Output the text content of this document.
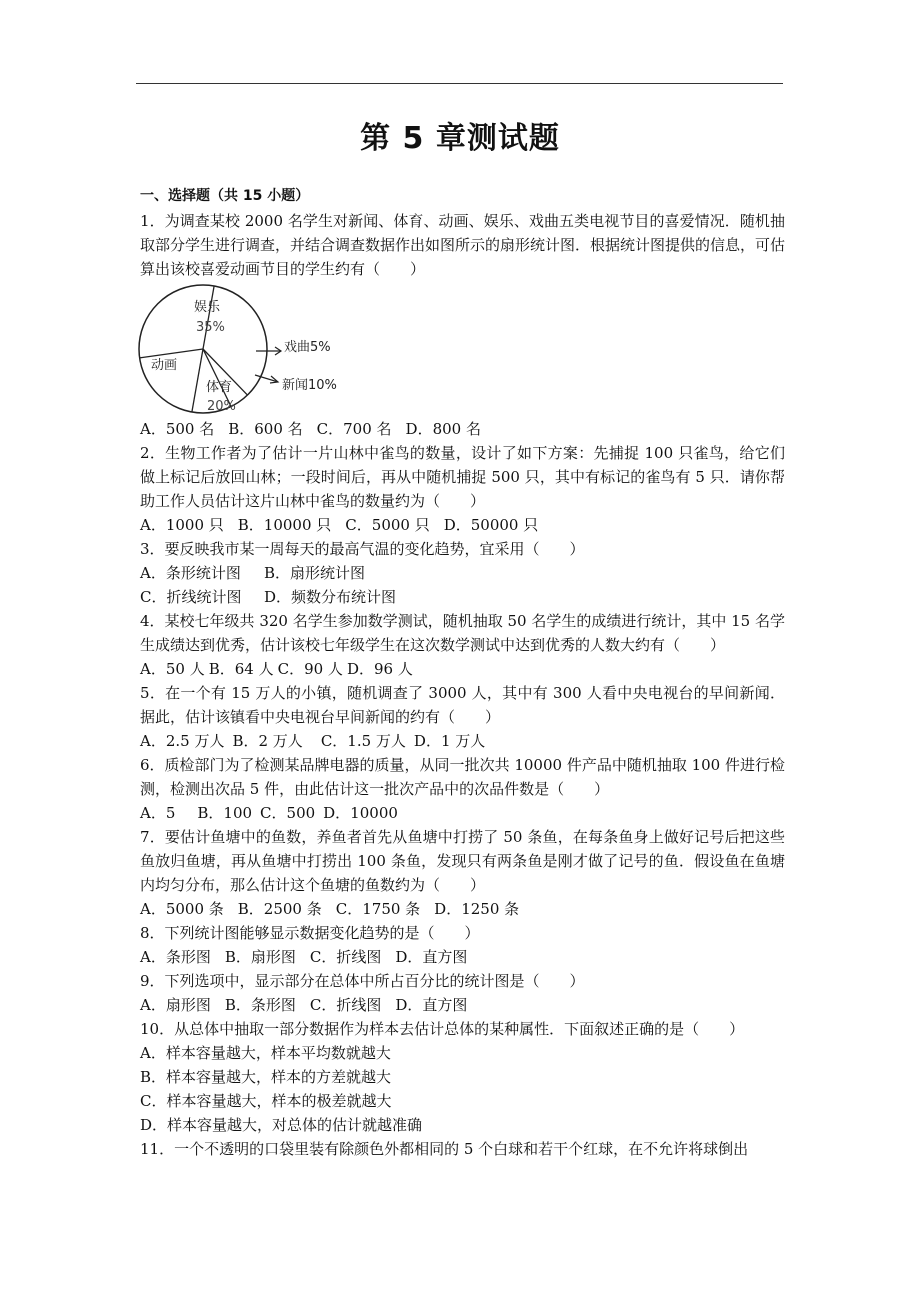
第 5 章测试题
一、选择题（共 15 小题）

1．为调查某校 2000 名学生对新闻、体育、动画、娱乐、戏曲五类电视节目的喜爱情况．随机抽取部分学生进行调查，并结合调查数据作出如图所示的扇形统计图．根据统计图提供的信息，可估算出该校喜爱动画节目的学生约有（　　）

娱乐
35%
戏曲5%
新闻10%
体育
20%
动画

A．500 名 B．600 名 C．700 名 D．800 名

2．生物工作者为了估计一片山林中雀鸟的数量，设计了如下方案：先捕捉 100 只雀鸟，给它们做上标记后放回山林；一段时间后，再从中随机捕捉 500 只，其中有标记的雀鸟有 5 只．请你帮助工作人员估计这片山林中雀鸟的数量约为（　　）

A．1000 只 B．10000 只 C．5000 只 D．50000 只

3．要反映我市某一周每天的最高气温的变化趋势，宜采用（　　）

A．条形统计图 B．扇形统计图

C．折线统计图 D．频数分布统计图

4．某校七年级共 320 名学生参加数学测试，随机抽取 50 名学生的成绩进行统计，其中 15 名学生成绩达到优秀，估计该校七年级学生在这次数学测试中达到优秀的人数大约有（　　）

A．50 人 B．64 人 C．90 人 D．96 人

5．在一个有 15 万人的小镇，随机调查了 3000 人，其中有 300 人看中央电视台的早间新闻．据此，估计该镇看中央电视台早间新闻的约有（　　）

A．2.5 万人 B．2 万人 C．1.5 万人 D．1 万人

6．质检部门为了检测某品牌电器的质量，从同一批次共 10000 件产品中随机抽取 100 件进行检测，检测出次品 5 件，由此估计这一批次产品中的次品件数是（　　）

A．5 B．100 C．500 D．10000

7．要估计鱼塘中的鱼数，养鱼者首先从鱼塘中打捞了 50 条鱼，在每条鱼身上做好记号后把这些鱼放归鱼塘，再从鱼塘中打捞出 100 条鱼，发现只有两条鱼是刚才做了记号的鱼．假设鱼在鱼塘内均匀分布，那么估计这个鱼塘的鱼数约为（　　）

A．5000 条 B．2500 条 C．1750 条 D．1250 条

8．下列统计图能够显示数据变化趋势的是（　　）

A．条形图 B．扇形图 C．折线图 D．直方图

9．下列选项中，显示部分在总体中所占百分比的统计图是（　　）

A．扇形图 B．条形图 C．折线图 D．直方图

10．从总体中抽取一部分数据作为样本去估计总体的某种属性．下面叙述正确的是（　　）

A．样本容量越大，样本平均数就越大

B．样本容量越大，样本的方差就越大

C．样本容量越大，样本的极差就越大

D．样本容量越大，对总体的估计就越准确

11．一个不透明的口袋里装有除颜色外都相同的 5 个白球和若干个红球，在不允许将球倒出
